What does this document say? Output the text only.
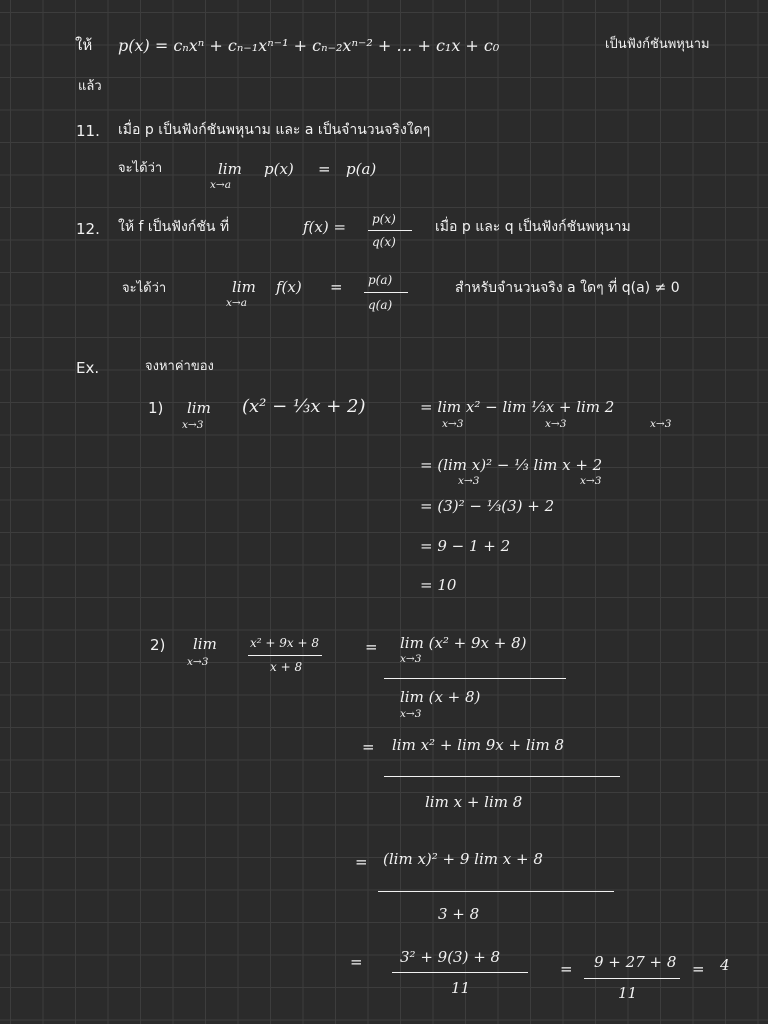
ให้ p(x) = cₙxⁿ + cₙ₋₁xⁿ⁻¹ + cₙ₋₂xⁿ⁻² + … + c₁x + c₀	เป็นฟังก์ชันพหุนาม
แล้ว
11. เมื่อ p เป็นฟังก์ชันพหุนาม และ a เป็นจำนวนจริงใดๆ
จะได้ว่า	lim
x→a
p(x) = p(a)
12. ให้ f เป็นฟังก์ชัน ที่	f(x) = p(x)
q(x)
เมื่อ p และ q เป็นฟังก์ชันพหุนาม
จะได้ว่า	lim
x→a
f(x) = p(a)
q(a)
สำหรับจำนวนจริง a ใดๆ ที่ q(a) ≠ 0
Ex.	จงหาค่าของ
1) lim
x→3
(x² − ⅓x + 2)	= lim x² − lim ⅓x + lim 2
x→3	x→3	x→3
= (lim x)² − ⅓ lim x + 2
x→3	x→3
= (3)² − ⅓(3) + 2
= 9 − 1 + 2
= 10
2) lim
x→3
x² + 9x + 8
x + 8
= lim (x² + 9x + 8)
x→3
lim (x + 8)
x→3
= lim x² + lim 9x + lim 8
lim x + lim 8
= (lim x)² + 9 lim x + 8
3 + 8
= 3² + 9(3) + 8
11
= 9 + 27 + 8
11
= 4
